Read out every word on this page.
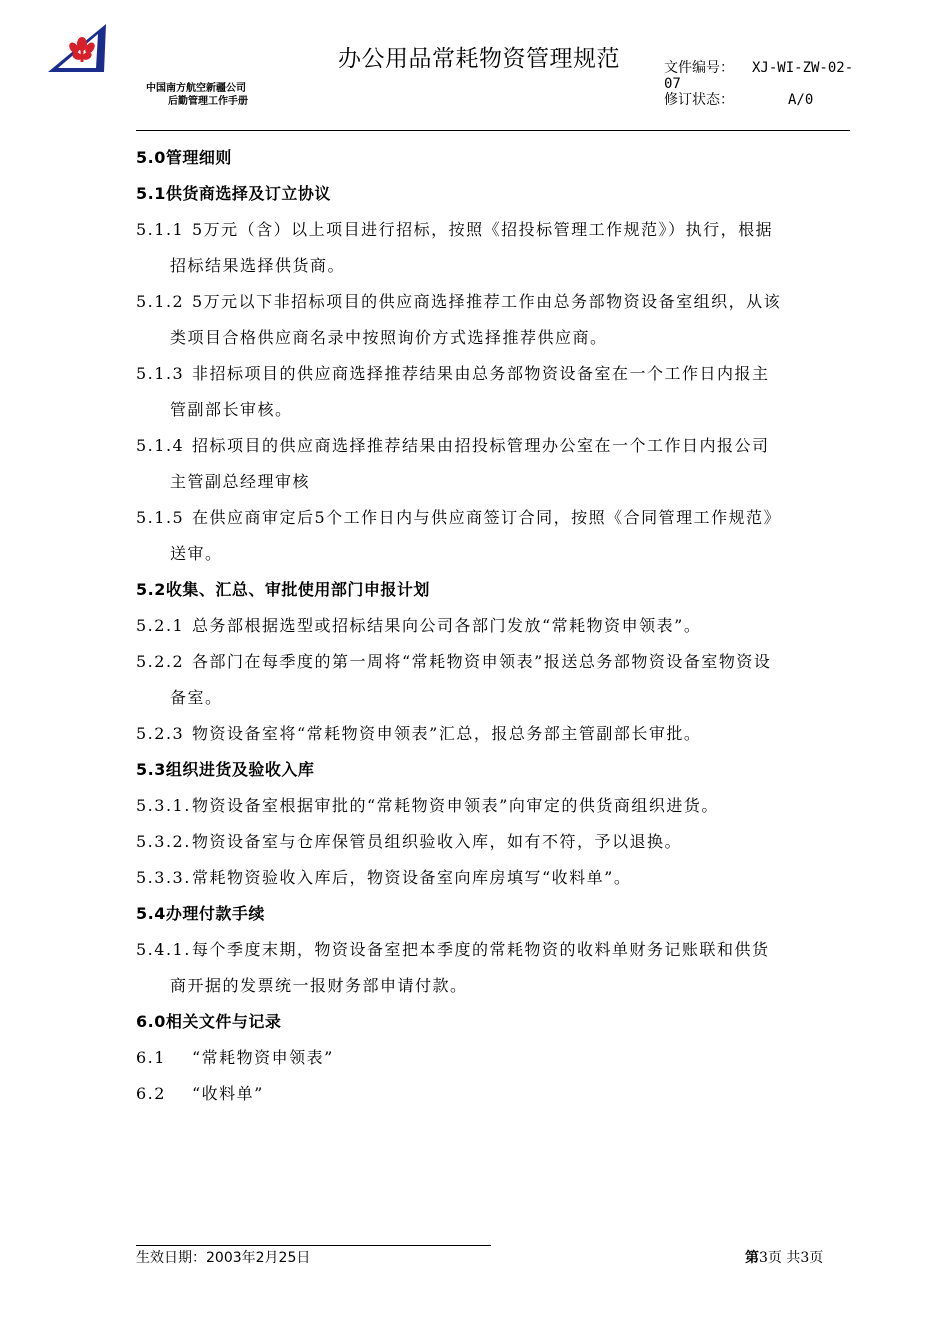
中国南方航空新疆公司
后勤管理工作手册
办公用品常耗物资管理规范	文件编号： XJ-WI-ZW-02-
07
修订状态：	A/0
5.0管理细则
5.1供货商选择及订立协议
5.1.1 5万元（含）以上项目进行招标，按照《招投标管理工作规范》）执行，根据
招标结果选择供货商。
5.1.2 5万元以下非招标项目的供应商选择推荐工作由总务部物资设备室组织，从该
类项目合格供应商名录中按照询价方式选择推荐供应商。
5.1.3 非招标项目的供应商选择推荐结果由总务部物资设备室在一个工作日内报主
管副部长审核。
5.1.4 招标项目的供应商选择推荐结果由招投标管理办公室在一个工作日内报公司
主管副总经理审核
5.1.5 在供应商审定后5个工作日内与供应商签订合同，按照《合同管理工作规范》
送审。
5.2收集、汇总、审批使用部门申报计划
5.2.1 总务部根据选型或招标结果向公司各部门发放“常耗物资申领表”。
5.2.2 各部门在每季度的第一周将“常耗物资申领表”报送总务部物资设备室物资设
备室。
5.2.3 物资设备室将“常耗物资申领表”汇总，报总务部主管副部长审批。
5.3组织进货及验收入库
5.3.1.物资设备室根据审批的“常耗物资申领表”向审定的供货商组织进货。
5.3.2.物资设备室与仓库保管员组织验收入库，如有不符，予以退换。
5.3.3.常耗物资验收入库后，物资设备室向库房填写“收料单”。
5.4办理付款手续
5.4.1.每个季度末期，物资设备室把本季度的常耗物资的收料单财务记账联和供货
商开据的发票统一报财务部申请付款。
6.0相关文件与记录
6.1 “常耗物资申领表”
6.2 “收料单”
生效日期：2003年2月25日	第3页 共3页
